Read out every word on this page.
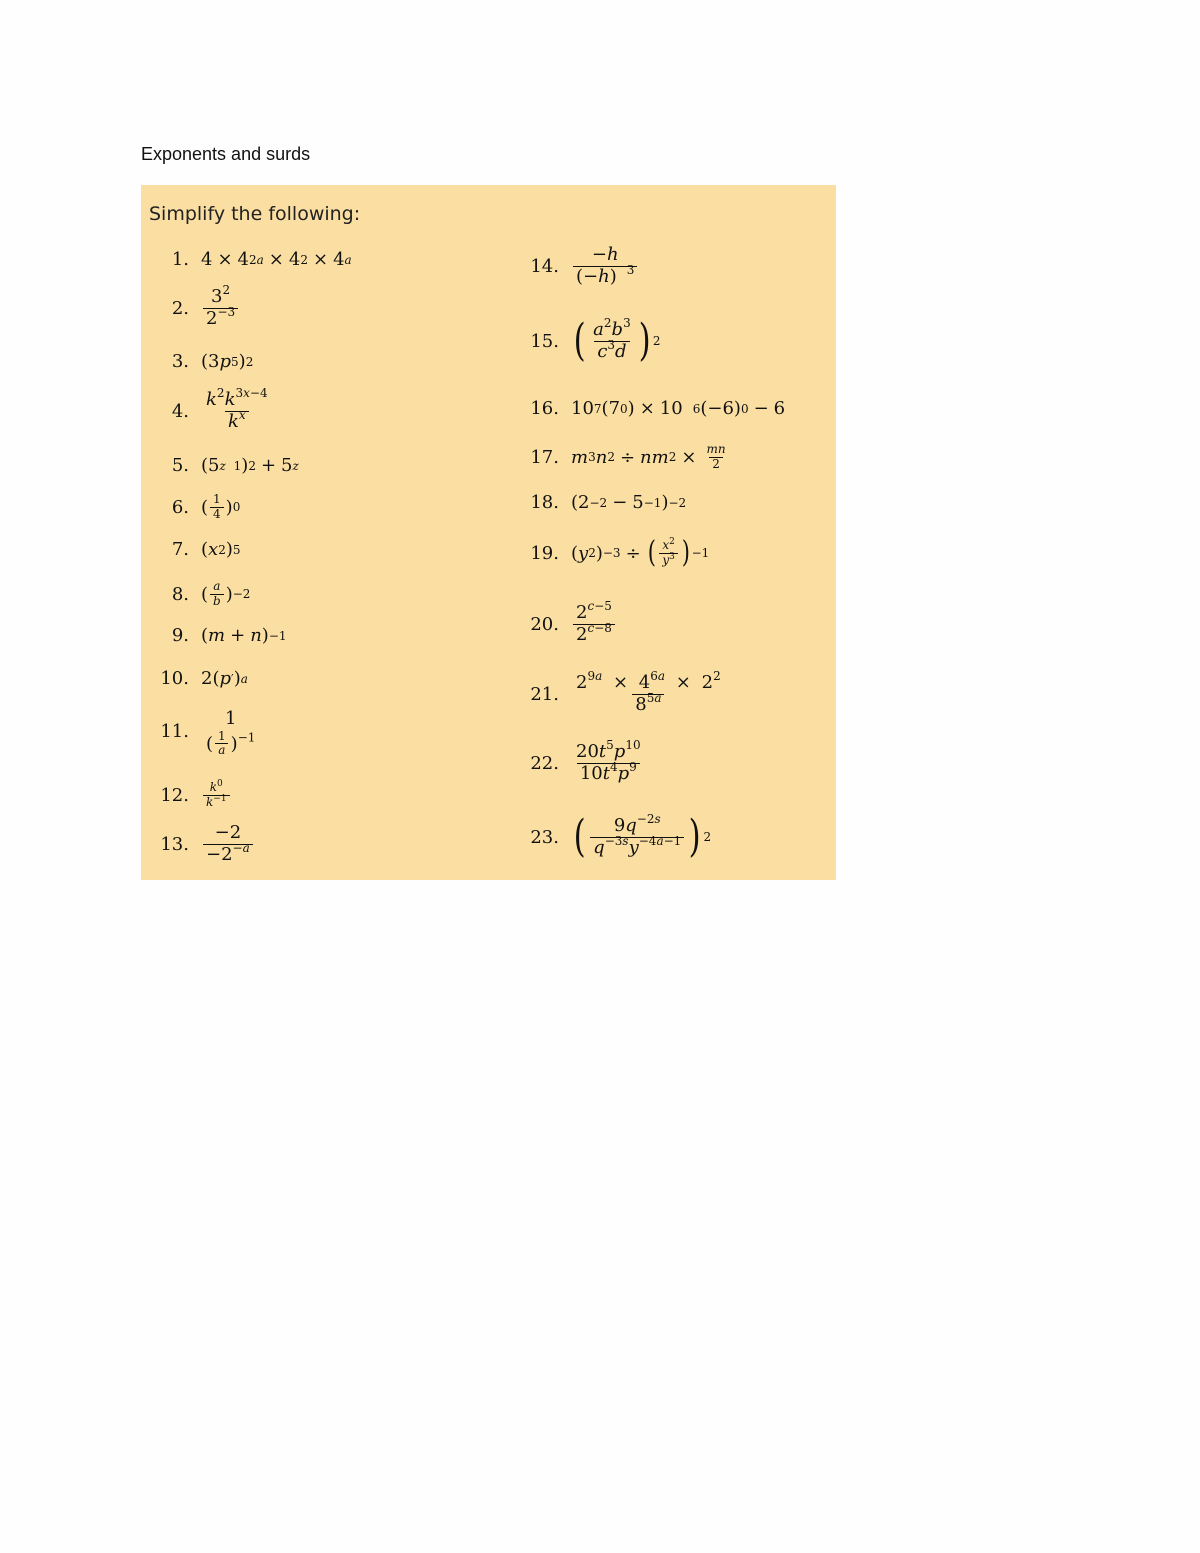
Exponents and surds
Simplify the following:
1. 4 × 4 2a × 4 2 × 4 a
2. $\frac{3^2}{2^{-3}}$
3. (3 p 5 ) 2
4. $\frac{k^2k^{3x-4}}{k^x}$
5. (5 z 1 ) 2 + 5 z
6. ( $\frac{1}{4}$ ) 0
7. ( x 2 ) 5
8. ( $\frac{a}{b}$ ) −2
9. ( m + n ) −1
10. 2( p ′ ) a
11.
1
( $\frac{1}{a} )^{-1}$
12. $\frac{k^0}{k^{-1}}$
13. $\frac{-2}{-2^{-a}}$
14. $\frac{-h}{(-h) ^3}$
15. ( $\frac{a^2b^3}{c^3d}$ ) 2
16. 10 7 (7 0 ) × 10 6 (−6) 0 − 6
17. m 3 n 2 ÷ nm $2 \times \frac{mn}{2}$
18. (2 −2 − 5 −1 ) −2
19. ( y 2 ) −3 ÷ ( $\frac{x^2}{y^3}$ ) −1
20. $\frac{2^{c-5}}{2^{c-8}}$
21. $\frac{2^{9a} \times 4^{6a} \times 2^2}{8^{5a}}$
22. $\frac{20t^5p^{10}}{10t^4p^9}$
23. ( $\frac{9q^{-2s}}{q^{-3s}y^{-4a-1}}$ ) 2
